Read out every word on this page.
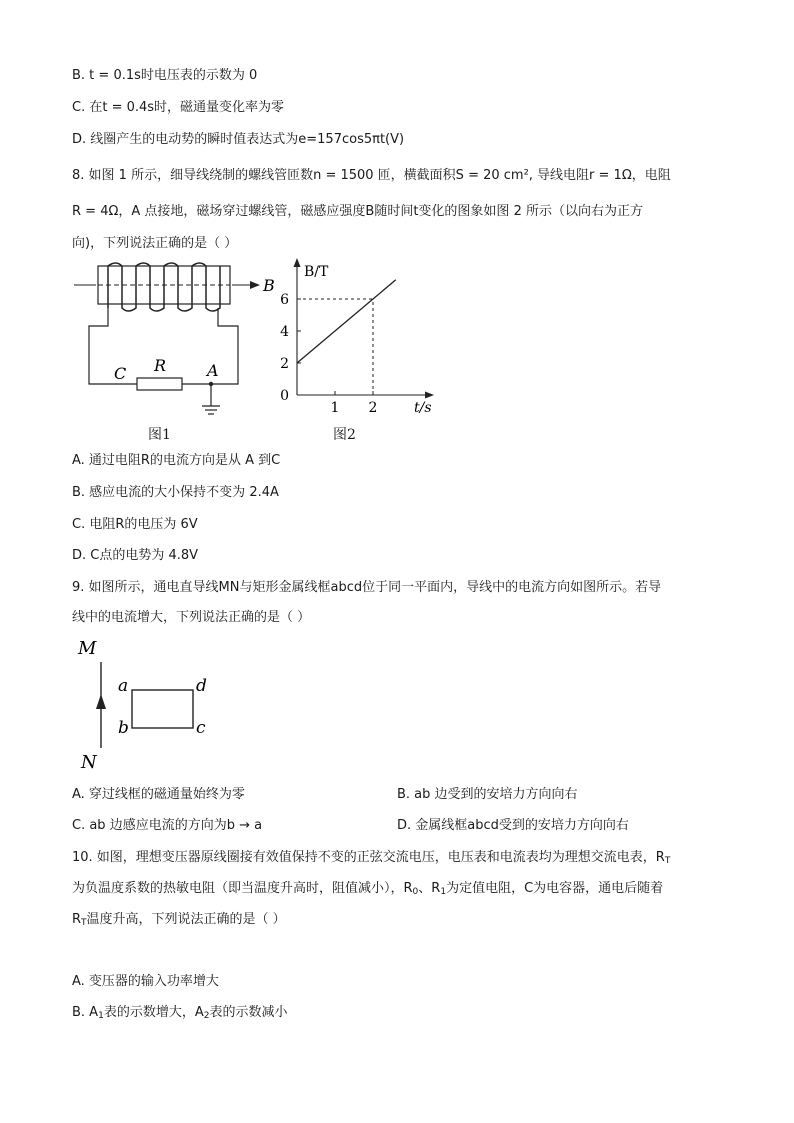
B. t = 0.1s时电压表的示数为 0
C. 在t = 0.4s时，磁通量变化率为零
D. 线圈产生的电动势的瞬时值表达式为e=157cos5πt(V)
8. 如图 1 所示，细导线绕制的螺线管匝数n = 1500 匝，横截面积S = 20 cm², 导线电阻r = 1Ω，电阻
R = 4Ω，A 点接地，磁场穿过螺线管，磁感应强度B随时间t变化的图象如图 2 所示（以向右为正方
向)，下列说法正确的是（ ）
B
C R	A
图1
B/T
t/s
1 2
0
2
4
6
图2
A. 通过电阻R的电流方向是从 A 到C
B. 感应电流的大小保持不变为 2.4A
C. 电阻R的电压为 6V
D. C点的电势为 4.8V
9. 如图所示，通电直导线MN与矩形金属线框abcd位于同一平面内，导线中的电流方向如图所示。若导
线中的电流增大，下列说法正确的是（ ）
M
N
a
b	c
d
A. 穿过线框的磁通量始终为零	B. ab 边受到的安培力方向向右
C. ab 边感应电流的方向为b → a	D. 金属线框abcd受到的安培力方向向右
10. 如图，理想变压器原线圈接有效值保持不变的正弦交流电压，电压表和电流表均为理想交流电表，$R_T$
为负温度系数的热敏电阻（即当温度升高时，阻值减小），$R_0$、$R_1$为定值电阻，C为电容器，通电后随着
$R_T$温度升高，下列说法正确的是（ ）
A. 变压器的输入功率增大
B. $A_1$表的示数增大，$A_2$表的示数减小
